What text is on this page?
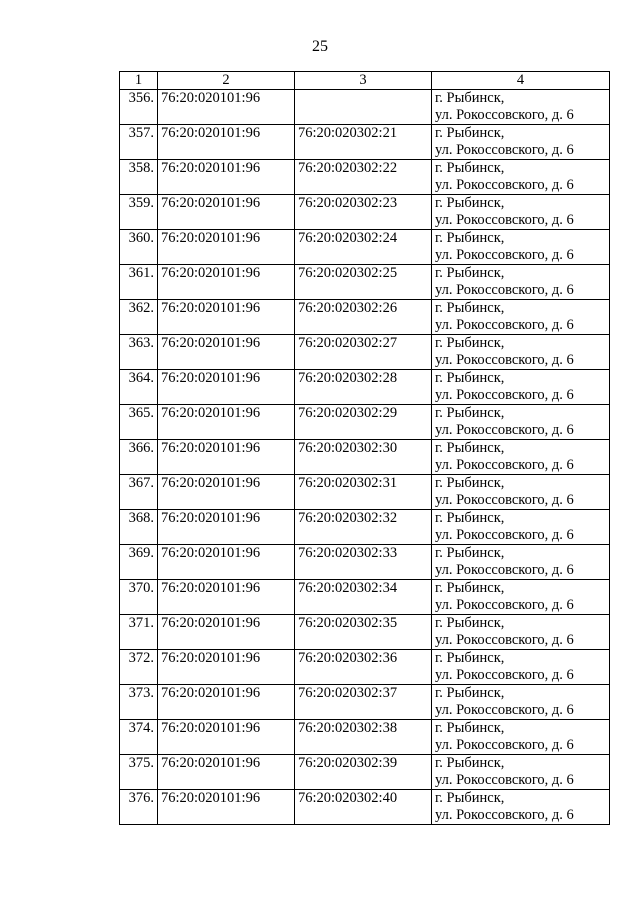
25
1	2	3	4
356.	76:20:020101:96		г. Рыбинск,
ул. Рокоссовского, д. 6

357.	76:20:020101:96	76:20:020302:21	г. Рыбинск,
ул. Рокоссовского, д. 6

358.	76:20:020101:96	76:20:020302:22	г. Рыбинск,
ул. Рокоссовского, д. 6

359.	76:20:020101:96	76:20:020302:23	г. Рыбинск,
ул. Рокоссовского, д. 6

360.	76:20:020101:96	76:20:020302:24	г. Рыбинск,
ул. Рокоссовского, д. 6

361.	76:20:020101:96	76:20:020302:25	г. Рыбинск,
ул. Рокоссовского, д. 6

362.	76:20:020101:96	76:20:020302:26	г. Рыбинск,
ул. Рокоссовского, д. 6

363.	76:20:020101:96	76:20:020302:27	г. Рыбинск,
ул. Рокоссовского, д. 6

364.	76:20:020101:96	76:20:020302:28	г. Рыбинск,
ул. Рокоссовского, д. 6

365.	76:20:020101:96	76:20:020302:29	г. Рыбинск,
ул. Рокоссовского, д. 6

366.	76:20:020101:96	76:20:020302:30	г. Рыбинск,
ул. Рокоссовского, д. 6

367.	76:20:020101:96	76:20:020302:31	г. Рыбинск,
ул. Рокоссовского, д. 6

368.	76:20:020101:96	76:20:020302:32	г. Рыбинск,
ул. Рокоссовского, д. 6

369.	76:20:020101:96	76:20:020302:33	г. Рыбинск,
ул. Рокоссовского, д. 6

370.	76:20:020101:96	76:20:020302:34	г. Рыбинск,
ул. Рокоссовского, д. 6

371.	76:20:020101:96	76:20:020302:35	г. Рыбинск,
ул. Рокоссовского, д. 6

372.	76:20:020101:96	76:20:020302:36	г. Рыбинск,
ул. Рокоссовского, д. 6

373.	76:20:020101:96	76:20:020302:37	г. Рыбинск,
ул. Рокоссовского, д. 6

374.	76:20:020101:96	76:20:020302:38	г. Рыбинск,
ул. Рокоссовского, д. 6

375.	76:20:020101:96	76:20:020302:39	г. Рыбинск,
ул. Рокоссовского, д. 6

376.	76:20:020101:96	76:20:020302:40	г. Рыбинск,
ул. Рокоссовского, д. 6
